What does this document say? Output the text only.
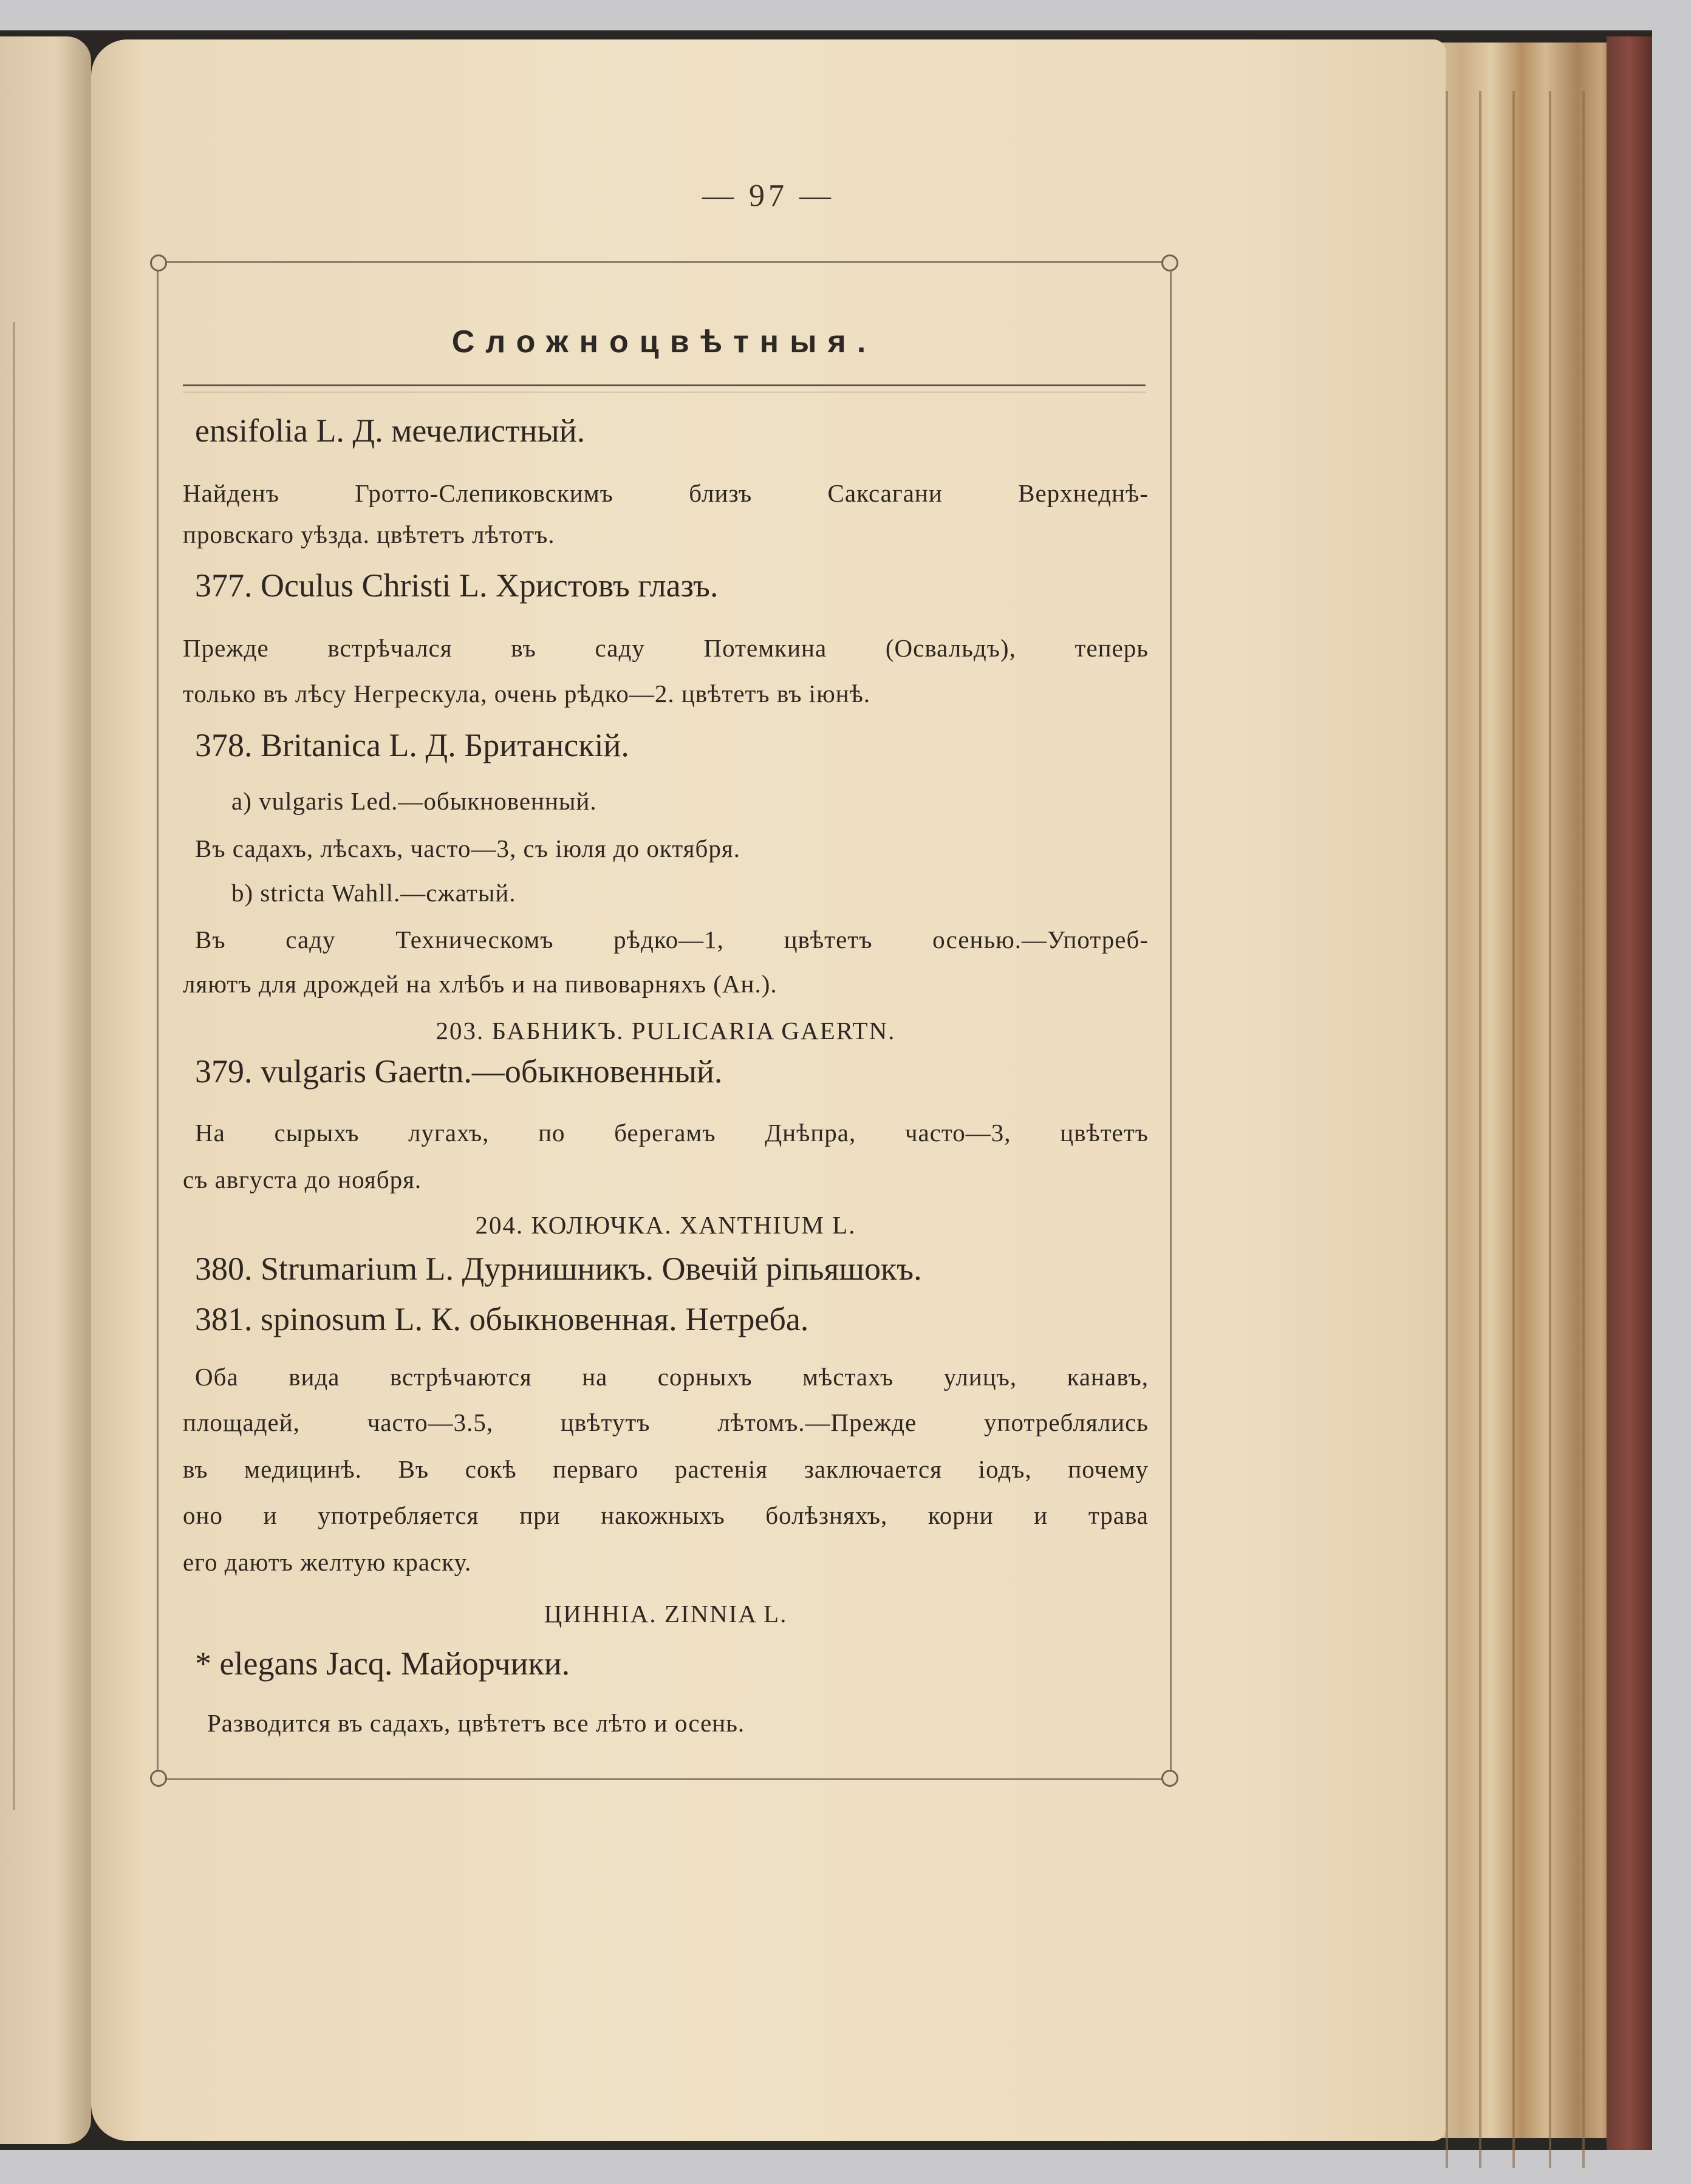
— 97 —
Сложноцвѣтныя.
ensifolia L. Д. мечелистный.
Найденъ Гротто-Слепиковскимъ близъ Саксагани Верхнеднѣ-
провскаго уѣзда. цвѣтетъ лѣтотъ.
377. Oculus Christi L. Христовъ глазъ.
Прежде встрѣчался въ саду Потемкина (Освальдъ), теперь
только въ лѣсу Негрескула, очень рѣдко—2. цвѣтетъ въ іюнѣ.
378. Britanica L. Д. Британскій.
a) vulgaris Led.—обыкновенный.
Въ садахъ, лѣсахъ, часто—3, съ іюля до октября.
b) stricta Wahll.—сжатый.
Въ саду Техническомъ рѣдко—1, цвѣтетъ осенью.—Употреб-
ляютъ для дрождей на хлѣбъ и на пивоварняхъ (Ан.).
203. БАБНИКЪ. PULICARIA GAERTN.
379. vulgaris Gaertn.—обыкновенный.
На сырыхъ лугахъ, по берегамъ Днѣпра, часто—3, цвѣтетъ
съ августа до ноября.
204. КОЛЮЧКА. XANTHIUM L.
380. Strumarium L. Дурнишникъ. Овечій ріпьяшокъ.
381. spinosum L. К. обыкновенная. Нетреба.
Оба вида встрѣчаются на сорныхъ мѣстахъ улицъ, канавъ,
площадей, часто—3.5, цвѣтутъ лѣтомъ.—Прежде употреблялись
въ медицинѣ. Въ сокѣ перваго растенія заключается іодъ, почему
оно и употребляется при накожныхъ болѣзняхъ, корни и трава
его даютъ желтую краску.
ЦИННІА. ZINNIA L.
* elegans Jacq. Майорчики.
Разводится въ садахъ, цвѣтетъ все лѣто и осень.
